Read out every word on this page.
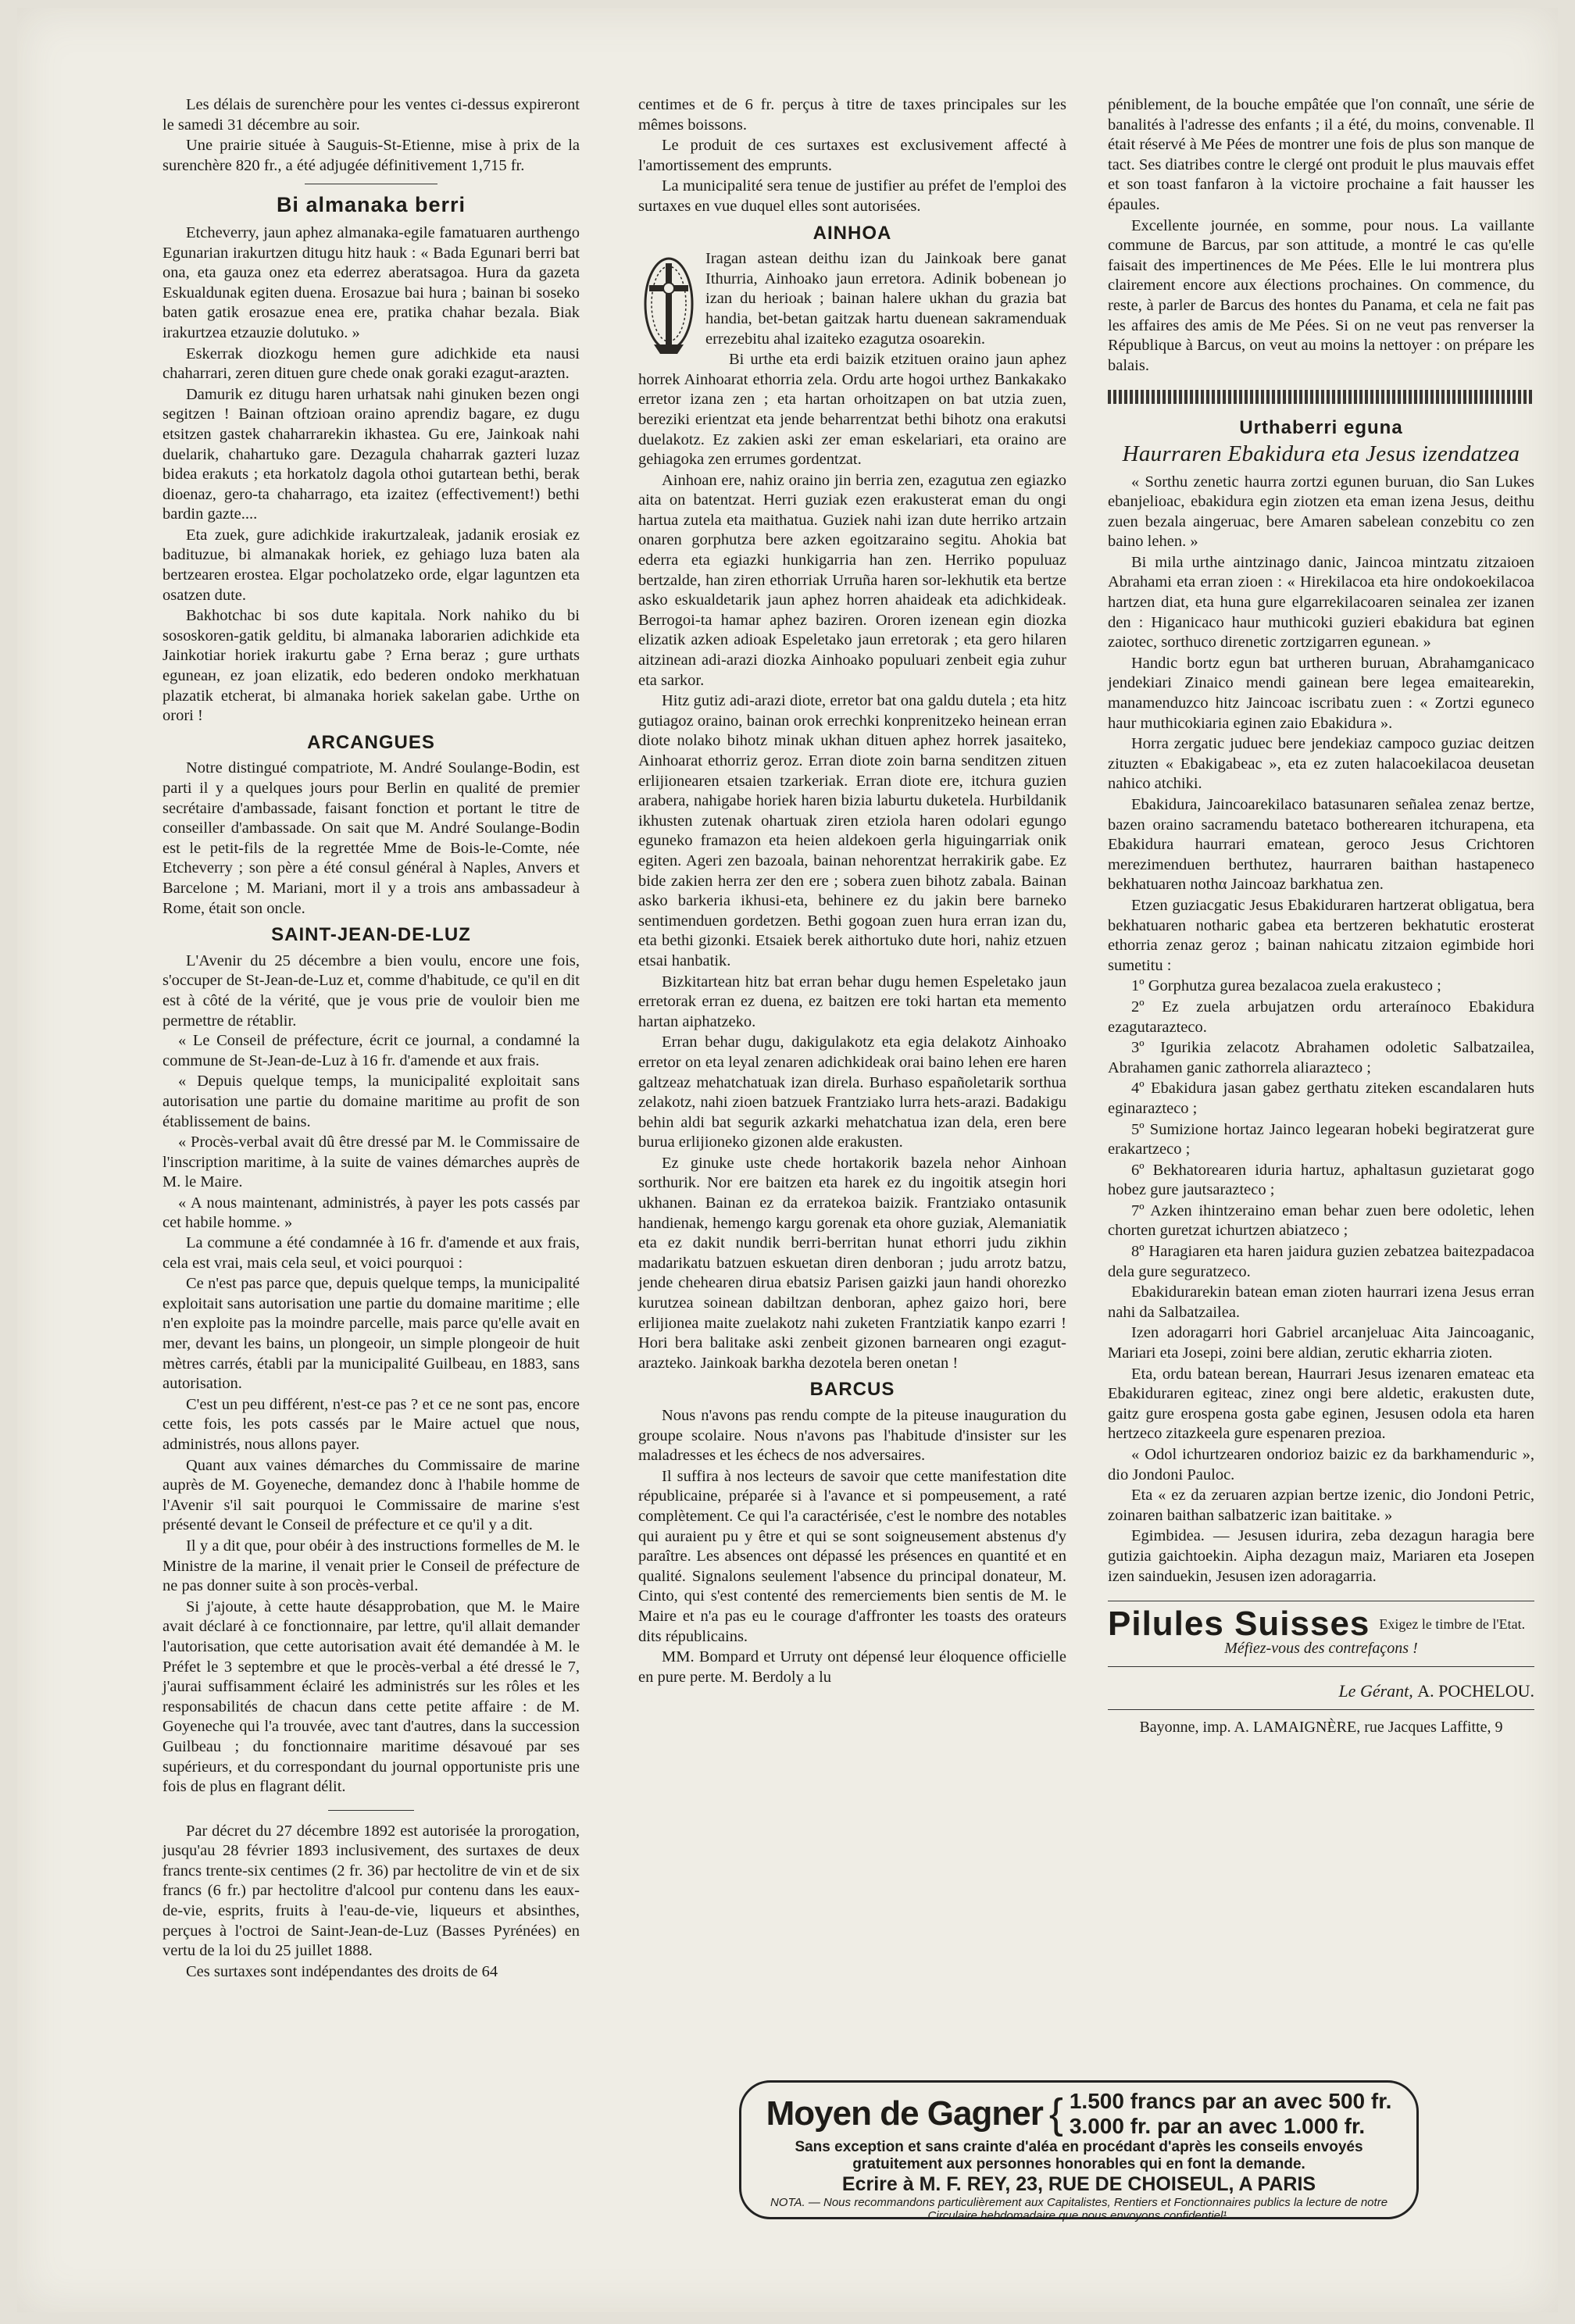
Les délais de surenchère pour les ventes ci-dessus expireront le samedi 31 décembre au soir.

Une prairie située à Sauguis-St-Etienne, mise à prix de la surenchère 820 fr., a été adjugée définitivement 1,715 fr.

Bi almanaka berri

Etcheverry, jaun aphez almanaka-egile famatuaren aurthengo Egunarian irakurtzen ditugu hitz hauk : « Bada Egunari berri bat ona, eta gauza onez eta ederrez aberatsagoa. Hura da gazeta Eskualdunak egiten duena. Erosazue bai hura ; bainan bi soseko baten gatik erosazue enea ere, pratika chahar bezala. Biak irakurtzea etzauzie dolutuko. »

Eskerrak diozkogu hemen gure adichkide eta nausi chaharrari, zeren dituen gure chede onak goraki ezagut-arazten.

Damurik ez ditugu haren urhatsak nahi ginuken bezen ongi segitzen ! Bainan oftzioan oraino aprendiz bagare, ez dugu etsitzen gastek chaharrarekin ikhastea. Gu ere, Jainkoak nahi duelarik, chahartuko gare. Dezagula chaharrak gazteri luzaz bidea erakuts ; eta horkatolz dagola othoi gutartean bethi, berak dioenaz, gero-ta chaharrago, eta izaitez (effectivement!) bethi bardin gazte....

Eta zuek, gure adichkide irakurtzaleak, jadanik erosiak ez badituzue, bi almanakak horiek, ez gehiago luza baten ala bertzearen erostea. Elgar pocholatzeko orde, elgar laguntzen eta osatzen dute.

Bakhotchac bi sos dute kapitala. Nork nahiko du bi sososkoren-gatik gelditu, bi almanaka laborarien adichkide eta Jainkotiar horiek irakurtu gabe ? Erna beraz ; gure urthats eguneaн, ez joan elizatik, edo bederen ondoko merkhatuan plazatik etcherat, bi almanaka horiek sakelan gabe. Urthe on orori !

ARCANGUES

Notre distingué compatriote, M. André Soulange-Bodin, est parti il y a quelques jours pour Berlin en qualité de premier secrétaire d'ambassade, faisant fonction et portant le titre de conseiller d'ambassade. On sait que M. André Soulange-Bodin est le petit-fils de la regrettée Mme de Bois-le-Comte, née Etcheverry ; son père a été consul général à Naples, Anvers et Barcelone ; M. Mariani, mort il y a trois ans ambassadeur à Rome, était son oncle.

SAINT-JEAN-DE-LUZ

L'Avenir du 25 décembre a bien voulu, encore une fois, s'occuper de St-Jean-de-Luz et, comme d'habitude, ce qu'il en dit est à côté de la vérité, que je vous prie de vouloir bien me permettre de rétablir.

« Le Conseil de préfecture, écrit ce journal, a condamné la commune de St-Jean-de-Luz à 16 fr. d'amende et aux frais.

« Depuis quelque temps, la municipalité exploitait sans autorisation une partie du domaine maritime au profit de son établissement de bains.

« Procès-verbal avait dû être dressé par M. le Commissaire de l'inscription maritime, à la suite de vaines démarches auprès de M. le Maire.

« A nous maintenant, administrés, à payer les pots cassés par cet habile homme. »

La commune a été condamnée à 16 fr. d'amende et aux frais, cela est vrai, mais cela seul, et voici pourquoi :

Ce n'est pas parce que, depuis quelque temps, la municipalité exploitait sans autorisation une partie du domaine maritime ; elle n'en exploite pas la moindre parcelle, mais parce qu'elle avait en mer, devant les bains, un plongeoir, un simple plongeoir de huit mètres carrés, établi par la municipalité Guilbeau, en 1883, sans autorisation.

C'est un peu différent, n'est-ce pas ? et ce ne sont pas, encore cette fois, les pots cassés par le Maire actuel que nous, administrés, nous allons payer.

Quant aux vaines démarches du Commissaire de marine auprès de M. Goyeneche, demandez donc à l'habile homme de l'Avenir s'il sait pourquoi le Commissaire de marine s'est présenté devant le Conseil de préfecture et ce qu'il y a dit.

Il y a dit que, pour obéir à des instructions formelles de M. le Ministre de la marine, il venait prier le Conseil de préfecture de ne pas donner suite à son procès-verbal.

Si j'ajoute, à cette haute désapprobation, que M. le Maire avait déclaré à ce fonctionnaire, par lettre, qu'il allait demander l'autorisation, que cette autorisation avait été demandée à M. le Préfet le 3 septembre et que le procès-verbal a été dressé le 7, j'aurai suffisamment éclairé les administrés sur les rôles et les responsabilités de chacun dans cette petite affaire : de M. Goyeneche qui l'a trouvée, avec tant d'autres, dans la succession Guilbeau ; du fonctionnaire maritime désavoué par ses supérieurs, et du correspondant du journal opportuniste pris une fois de plus en flagrant délit.

Par décret du 27 décembre 1892 est autorisée la prorogation, jusqu'au 28 février 1893 inclusivement, des surtaxes de deux francs trente-six centimes (2 fr. 36) par hectolitre de vin et de six francs (6 fr.) par hectolitre d'alcool pur contenu dans les eaux-de-vie, esprits, fruits à l'eau-de-vie, liqueurs et absinthes, perçues à l'octroi de Saint-Jean-de-Luz (Basses Pyrénées) en vertu de la loi du 25 juillet 1888.

Ces surtaxes sont indépendantes des droits de 64

centimes et de 6 fr. perçus à titre de taxes principales sur les mêmes boissons.

Le produit de ces surtaxes est exclusivement affecté à l'amortissement des emprunts.

La municipalité sera tenue de justifier au préfet de l'emploi des surtaxes en vue duquel elles sont autorisées.

AINHOA

Iragan astean deithu izan du Jainkoak bere ganat Ithurria, Ainhoako jaun erretora. Adinik bobenean jo izan du herioak ; bainan halere ukhan du grazia bat handia, bet-betan gaitzak hartu duenean sakramenduak errezebitu ahal izaiteko ezagutza osoarekin.

Bi urthe eta erdi baizik etzituen oraino jaun aphez horrek Ainhoarat ethorria zela. Ordu arte hogoi urthez Bankakako erretor izana zen ; eta hartan orhoitzapen on bat utzia zuen, bereziki erientzat eta jende beharrentzat bethi bihotz ona erakutsi duelakotz. Ez zakien aski zer eman eskelariari, eta oraino are gehiagoka zen errumes gordentzat.

Ainhoan ere, nahiz oraino jin berria zen, ezagutua zen egiazko aita on batentzat. Herri guziak ezen erakusterat eman du ongi hartua zutela eta maithatua. Guziek nahi izan dute herriko artzain onaren gorphutza bere azken egoitzaraino segitu. Ahokia bat ederra eta egiazki hunkigarria han zen. Herriko populuaz bertzalde, han ziren ethorriak Urruña haren sor-lekhutik eta bertze asko eskualdetarik jaun aphez horren ahaideak eta adichkideak. Berrogoi-ta hamar aphez baziren. Ororen izenean egin diozka elizatik azken adioak Espeletako jaun erretorak ; eta gero hilaren aitzinean adi-arazi diozka Ainhoako populuari zenbeit egia zuhur eta sarkor.

Hitz gutiz adi-arazi diote, erretor bat ona galdu dutela ; eta hitz gutiagoz oraino, bainan orok errechki konprenitzeko heinean erran diote nolako bihotz minak ukhan dituen aphez horrek jasaiteko, Ainhoarat ethorriz geroz. Erran diote zoin barna senditzen zituen erlijionearen etsaien tzarkeriak. Erran diote ere, itchura guzien arabera, nahigabe horiek haren bizia laburtu duketela. Hurbildanik ikhusten zutenak ohartuak ziren etziola haren odolari egungo eguneko framazon eta heien aldekoen gerla higuingarriak onik egiten. Ageri zen bazoala, bainan nehorentzat herrakirik gabe. Ez bide zakien herra zer den ere ; sobera zuen bihotz zabala. Bainan asko barkeria ikhusi-eta, behinere ez du jakin bere barneko sentimenduen gordetzen. Bethi gogoan zuen hura erran izan du, eta bethi gizonki. Etsaiek berek aithortuko dute hori, nahiz etzuen etsai hanbatik.

Bizkitartean hitz bat erran behar dugu hemen Espeletako jaun erretorak erran ez duena, ez baitzen ere toki hartan eta memento hartan aiphatzeko.

Erran behar dugu, dakigulakotz eta egia delakotz Ainhoako erretor on eta leyal zenaren adichkideak orai baino lehen ere haren galtzeaz mehatchatuak izan direla. Burhaso españoletarik sorthua zelakotz, nahi zioen batzuek Frantziako lurra hets-arazi. Badakigu behin aldi bat segurik azkarki mehatchatua izan dela, eren bere burua erlijioneko gizonen alde erakusten.

Ez ginuke uste chede hortakorik bazela nehor Ainhoan sorthurik. Nor ere baitzen eta harek ez du ingoitik atsegin hori ukhanen. Bainan ez da erratekoa baizik. Frantziako ontasunik handienak, hemengo kargu gorenak eta ohore guziak, Alemaniatik eta ez dakit nundik berri-berritan hunat ethorri judu zikhin madarikatu batzuen eskuetan diren denboran ; judu arrotz batzu, jende chehearen dirua ebatsiz Parisen gaizki jaun handi ohorezko kurutzea soinean dabiltzan denboran, aphez gaizo hori, bere erlijionea maite zuelakotz nahi zuketen Frantziatik kanpo ezarri ! Hori bera balitake aski zenbeit gizonen barnearen ongi ezagut-arazteko. Jainkoak barkha dezotela beren onetan !

BARCUS

Nous n'avons pas rendu compte de la piteuse inauguration du groupe scolaire. Nous n'avons pas l'habitude d'insister sur les maladresses et les échecs de nos adversaires.

Il suffira à nos lecteurs de savoir que cette manifestation dite républicaine, préparée si à l'avance et si pompeusement, a raté complètement. Ce qui l'a caractérisée, c'est le nombre des notables qui auraient pu y être et qui se sont soigneusement abstenus d'y paraître. Les absences ont dépassé les présences en quantité et en qualité. Signalons seulement l'absence du principal donateur, M. Cinto, qui s'est contenté des remerciements bien sentis de M. le Maire et n'a pas eu le courage d'affronter les toasts des orateurs dits républicains.

MM. Bompard et Urruty ont dépensé leur éloquence officielle en pure perte. M. Berdoly a lu

péniblement, de la bouche empâtée que l'on connaît, une série de banalités à l'adresse des enfants ; il a été, du moins, convenable. Il était réservé à Me Pées de montrer une fois de plus son manque de tact. Ses diatribes contre le clergé ont produit le plus mauvais effet et son toast fanfaron à la victoire prochaine a fait hausser les épaules.

Excellente journée, en somme, pour nous. La vaillante commune de Barcus, par son attitude, a montré le cas qu'elle faisait des impertinences de Me Pées. Elle le lui montrera plus clairement encore aux élections prochaines. On commence, du reste, à parler de Barcus des hontes du Panama, et cela ne fait pas les affaires des amis de Me Pées. Si on ne veut pas renverser la République à Barcus, on veut au moins la nettoyer : on prépare les balais.

Urthaberri eguna
Haurraren Ebakidura eta Jesus izendatzea

« Sorthu zenetic haurra zortzi egunen buruan, dio San Lukes ebanjelioac, ebakidura egin ziotzen eta eman izena Jesus, deithu zuen bezala aingeruac, bere Amaren sabelean conzebitu co zen baino lehen. »

Bi mila urthe aintzinago danic, Jaincoa mintzatu zitzaioen Abrahami eta erran zioen : « Hirekilacoa eta hire ondokoekilacoa hartzen diat, eta huna gure elgarrekilacoaren seinalea zer izanen den : Higanicaco haur muthicoki guzieri ebakidura bat eginen zaiotec, sorthuco direnetic zortzigarren egunean. »

Handic bortz egun bat urtheren buruan, Abrahamganicaco jendekiari Zinaico mendi gainean bere legea emaitearekin, manamenduzco hitz Jaincoac iscribatu zuen : « Zortzi eguneco haur muthicokiaria eginen zaio Ebakidura ».

Horra zergatic judueс bere jendekiaz campoco guziac deitzen zituzten « Ebakigabeac », eta ez zuten halacoekilacoa deusetan nahico atchiki.

Ebakidura, Jaincoarekilaco batasunaren señalea zenaz bertze, bazen oraino sacramendu batetaco botherearen itchurapena, eta Ebakidura haurrari ematean, geroco Jesus Crichtoren merezimenduen berthutez, haurraren baithan hastapeneco bekhatuaren nothα Jaincoaz barkhatua zen.

Etzen guziacgatic Jesus Ebakiduraren hartzerat obligatua, bera bekhatuaren notharic gabea eta bertzeren bekhatutic erosterat ethorria zenaz geroz ; bainan nahicatu zitzaion egimbide hori sumetitu :

1º Gorphutza gurea bezalacoa zuela erakusteco ;

2º Ez zuela arbujatzen ordu arteraínoco Ebakidura ezagutarazteco.

3º Igurikia zelacotz Abrahamen odoletic Salbatzailea, Abrahamen ganic zathorrela aliarazteco ;

4º Ebakidura jasan gabez gerthatu ziteken escandalaren huts eginarazteco ;

5º Sumizione hortaz Jainco legearan hobeki begiratzerat gure erakartzeco ;

6º Bekhatorearen iduria hartuz, aphaltasun guzietarat gogo hobez gure jautsarazteco ;

7º Azken ihintzeraino eman behar zuen bere odoletic, lehen chorten guretzat ichurtzen abiatzeco ;

8º Haragiaren eta haren jaidura guzien zebatzea baitezpadacoa dela gure seguratzeco.

Ebakidurarekin batean eman zioten haurrari izena Jesus erran nahi da Salbatzailea.

Izen adoragarri hori Gabriel arcanjeluac Aita Jaincoaganic, Mariari eta Josepi, zoini bere aldian, zerutic ekharria zioten.

Eta, ordu batean berean, Haurrari Jesus izenaren emateac eta Ebakiduraren egiteac, zinez ongi bere aldetic, erakusten dute, gaitz gure erospena gosta gabe eginen, Jesusen odola eta haren hertzeco zitazkeela gure espenaren prezioa.

« Odol ichurtzearen ondorioz baizic ez da barkhamenduric », dio Jondoni Pauloc.

Eta « ez da zeruaren azpian bertze izenic, dio Jondoni Petric, zoinaren baithan salbatzeric izan baititake. »

Egimbidea. — Jesusen idurira, zeba dezagun haragia bere gutizia gaichtoekin. Aipha dezagun maiz, Mariaren eta Josepen izen sainduekin, Jesusen izen adoragarria.

Pilules Suisses Exigez le timbre de l'Etat.
Méfiez-vous des contrefaçons !
Le Gérant, A. POCHELOU.
Bayonne, imp. A. LAMAIGNÈRE, rue Jacques Laffitte, 9
Moyen de Gagner { 1.500 francs par an avec 500 fr.
3.000 fr. par an avec 1.000 fr.
Sans exception et sans crainte d'aléa en procédant d'après les conseils envoyés gratuitement aux personnes honorables qui en font la demande.
Ecrire à M. F. REY, 23, RUE DE CHOISEUL, A PARIS
NOTA. — Nous recommandons particulièrement aux Capitalistes, Rentiers et Fonctionnaires publics la lecture de notre Circulaire hebdomadaire que nous envoyons confidentiel¹.
